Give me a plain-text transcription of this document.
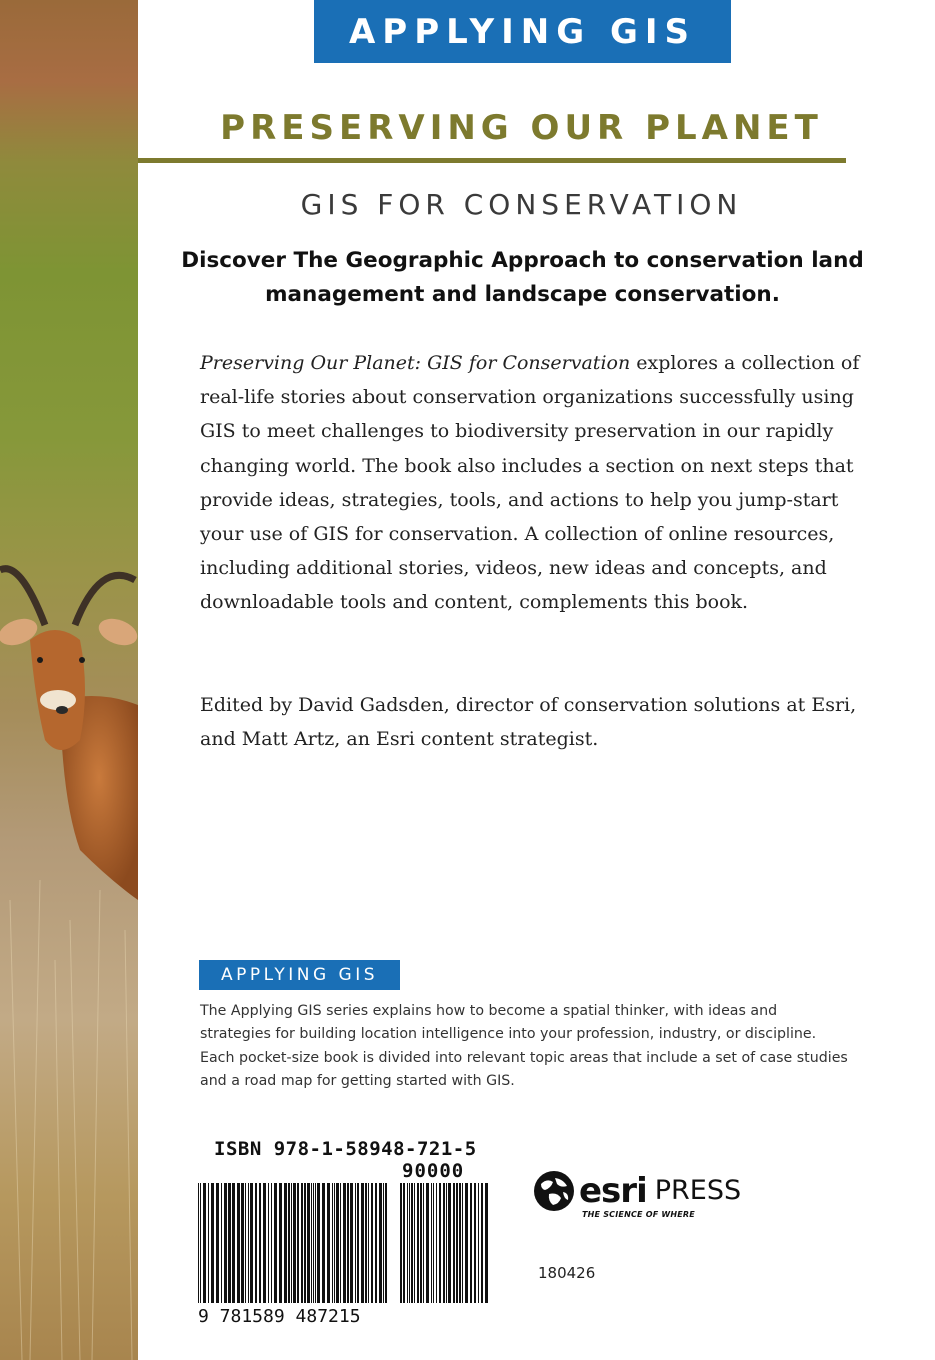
APPLYING GIS
PRESERVING OUR PLANET
GIS FOR CONSERVATION
Discover The Geographic Approach to conservation land management and landscape conservation.
Preserving Our Planet: GIS for Conservation explores a collection of real-life stories about conservation organizations successfully using GIS to meet challenges to biodiversity preservation in our rapidly changing world. The book also includes a section on next steps that provide ideas, strategies, tools, and actions to help you jump-start your use of GIS for conservation. A collection of online resources, including additional stories, videos, new ideas and concepts, and downloadable tools and content, complements this book.
Edited by David Gadsden, director of conservation solutions at Esri, and Matt Artz, an Esri content strategist.
APPLYING GIS
The Applying GIS series explains how to become a spatial thinker, with ideas and strategies for building location intelligence into your profession, industry, or discipline. Each pocket-size book is divided into relevant topic areas that include a set of case studies and a road map for getting started with GIS.
ISBN 978-1-58948-721-5
90000
9 781589 487215
esri PRESS
THE SCIENCE OF WHERE
180426
